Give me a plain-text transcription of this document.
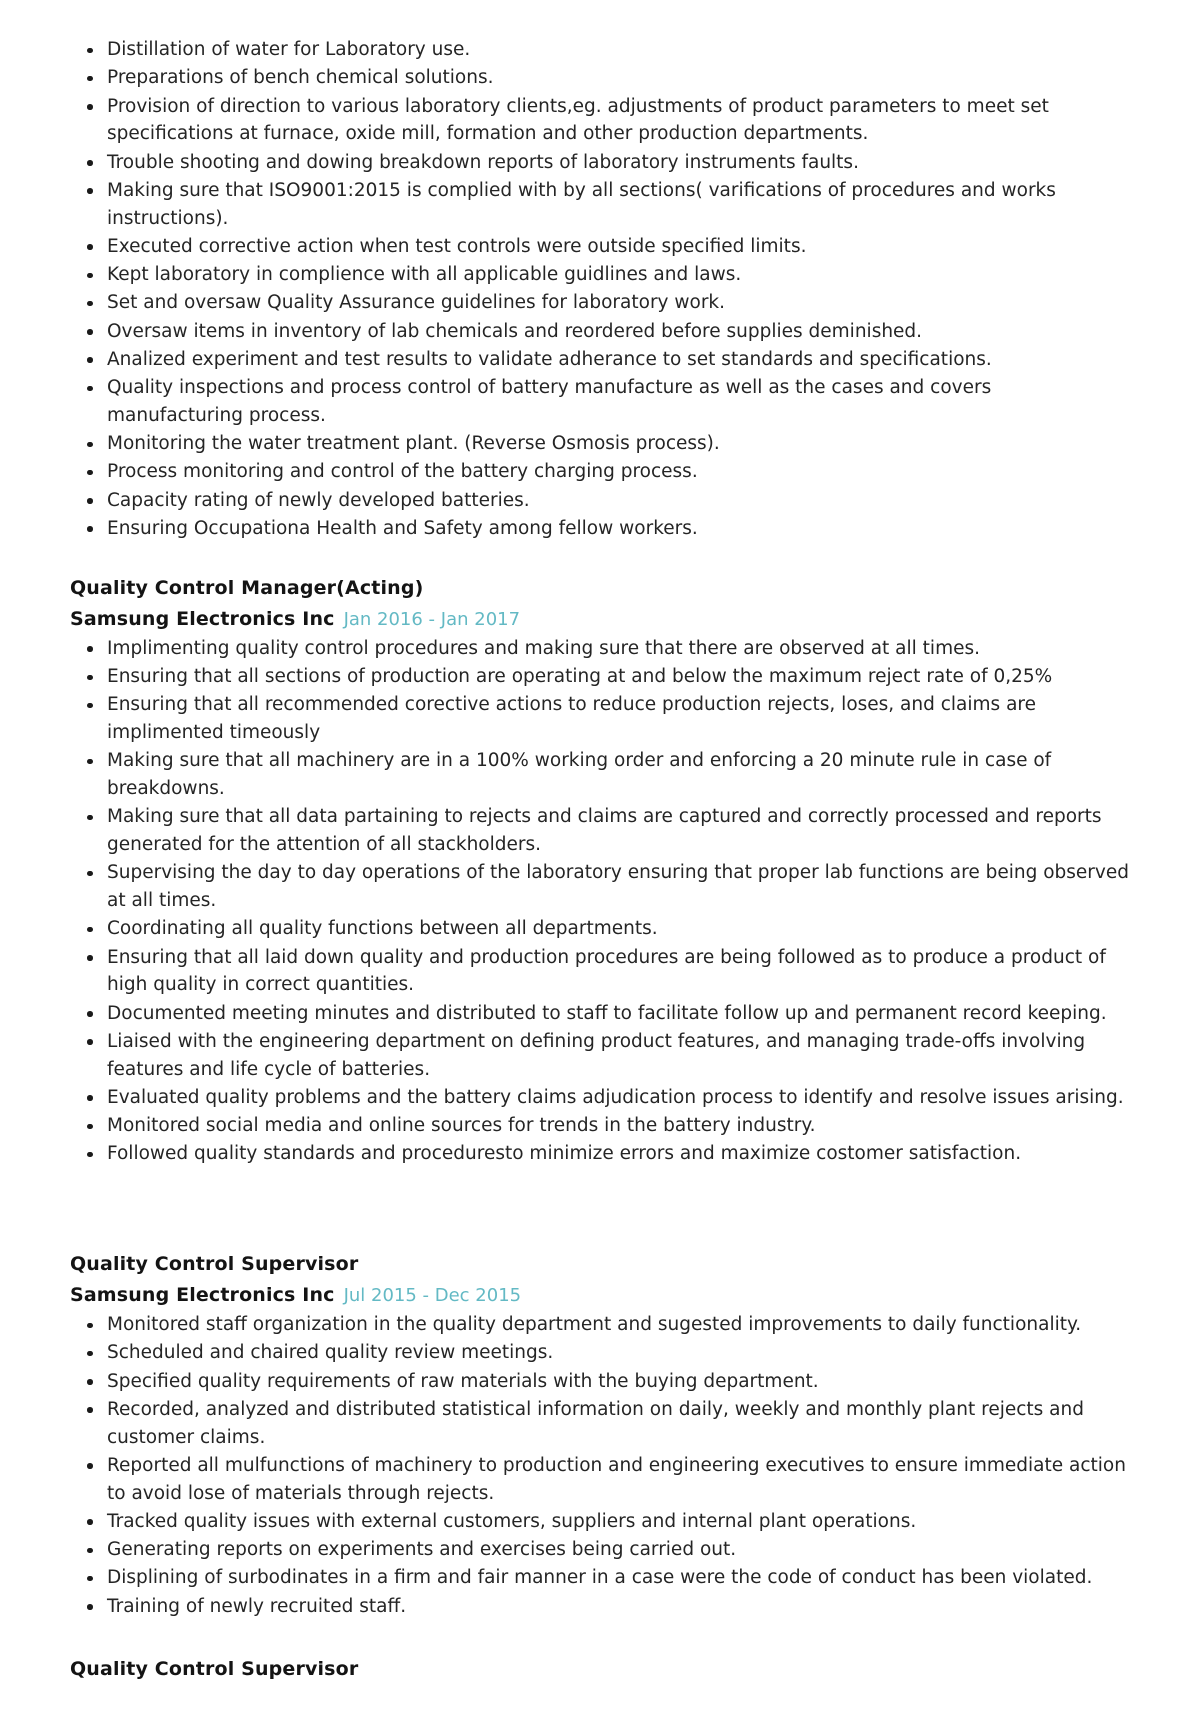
Distillation of water for Laboratory use.
Preparations of bench chemical solutions.
Provision of direction to various laboratory clients,eg. adjustments of product parameters to meet set specifications at furnace, oxide mill, formation and other production departments.
Trouble shooting and dowing breakdown reports of laboratory instruments faults.
Making sure that ISO9001:2015 is complied with by all sections( varifications of procedures and works instructions).
Executed corrective action when test controls were outside specified limits.
Kept laboratory in complience with all applicable guidlines and laws.
Set and oversaw Quality Assurance guidelines for laboratory work.
Oversaw items in inventory of lab chemicals and reordered before supplies deminished.
Analized experiment and test results to validate adherance to set standards and specifications.
Quality inspections and process control of battery manufacture as well as the cases and covers manufacturing process.
Monitoring the water treatment plant. (Reverse Osmosis process).
Process monitoring and control of the battery charging process.
Capacity rating of newly developed batteries.
Ensuring Occupationa Health and Safety among fellow workers.
Quality Control Manager(Acting)
Samsung Electronics Inc Jan 2016 - Jan 2017
Implimenting quality control procedures and making sure that there are observed at all times.
Ensuring that all sections of production are operating at and below the maximum reject rate of 0,25%
Ensuring that all recommended corective actions to reduce production rejects, loses, and claims are implimented timeously
Making sure that all machinery are in a 100% working order and enforcing a 20 minute rule in case of breakdowns.
Making sure that all data partaining to rejects and claims are captured and correctly processed and reports generated for the attention of all stackholders.
Supervising the day to day operations of the laboratory ensuring that proper lab functions are being observed at all times.
Coordinating all quality functions between all departments.
Ensuring that all laid down quality and production procedures are being followed as to produce a product of high quality in correct quantities.
Documented meeting minutes and distributed to staff to facilitate follow up and permanent record keeping.
Liaised with the engineering department on defining product features, and managing trade-offs involving features and life cycle of batteries.
Evaluated quality problems and the battery claims adjudication process to identify and resolve issues arising.
Monitored social media and online sources for trends in the battery industry.
Followed quality standards and proceduresto minimize errors and maximize costomer satisfaction.
Quality Control Supervisor
Samsung Electronics Inc Jul 2015 - Dec 2015
Monitored staff organization in the quality department and sugested improvements to daily functionality.
Scheduled and chaired quality review meetings.
Specified quality requirements of raw materials with the buying department.
Recorded, analyzed and distributed statistical information on daily, weekly and monthly plant rejects and customer claims.
Reported all mulfunctions of machinery to production and engineering executives to ensure immediate action to avoid lose of materials through rejects.
Tracked quality issues with external customers, suppliers and internal plant operations.
Generating reports on experiments and exercises being carried out.
Displining of surbodinates in a firm and fair manner in a case were the code of conduct has been violated.
Training of newly recruited staff.
Quality Control Supervisor
